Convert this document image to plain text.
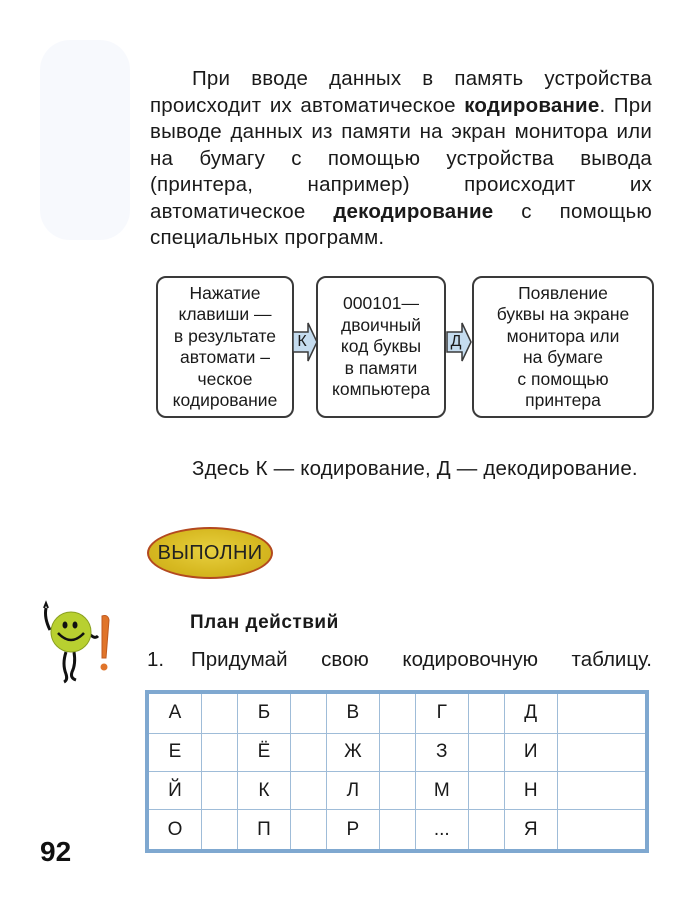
При вводе данных в память устройства происходит их автоматическое кодирование. При выводе данных из памяти на экран монитора или на бумагу с помощью устройства вывода (принтера, например) происходит их автоматическое декодирование с помощью специальных программ.
Нажатие
клавиши —
в результате
автомати –
ческое
кодирование
К
000101—
двоичный
код буквы
в памяти
компьютера
Д
Появление
буквы на экране
монитора или
на бумаге
с помощью
принтера
Здесь К — кодирование, Д — декодирование.
ВЫПОЛНИ
План действий
1.	Придумай свою кодировочную таблицу.
А		Б		В		Г		Д	
Е		Ё		Ж		З		И	
Й		К		Л		М		Н	
О		П		Р		...		Я	
92
